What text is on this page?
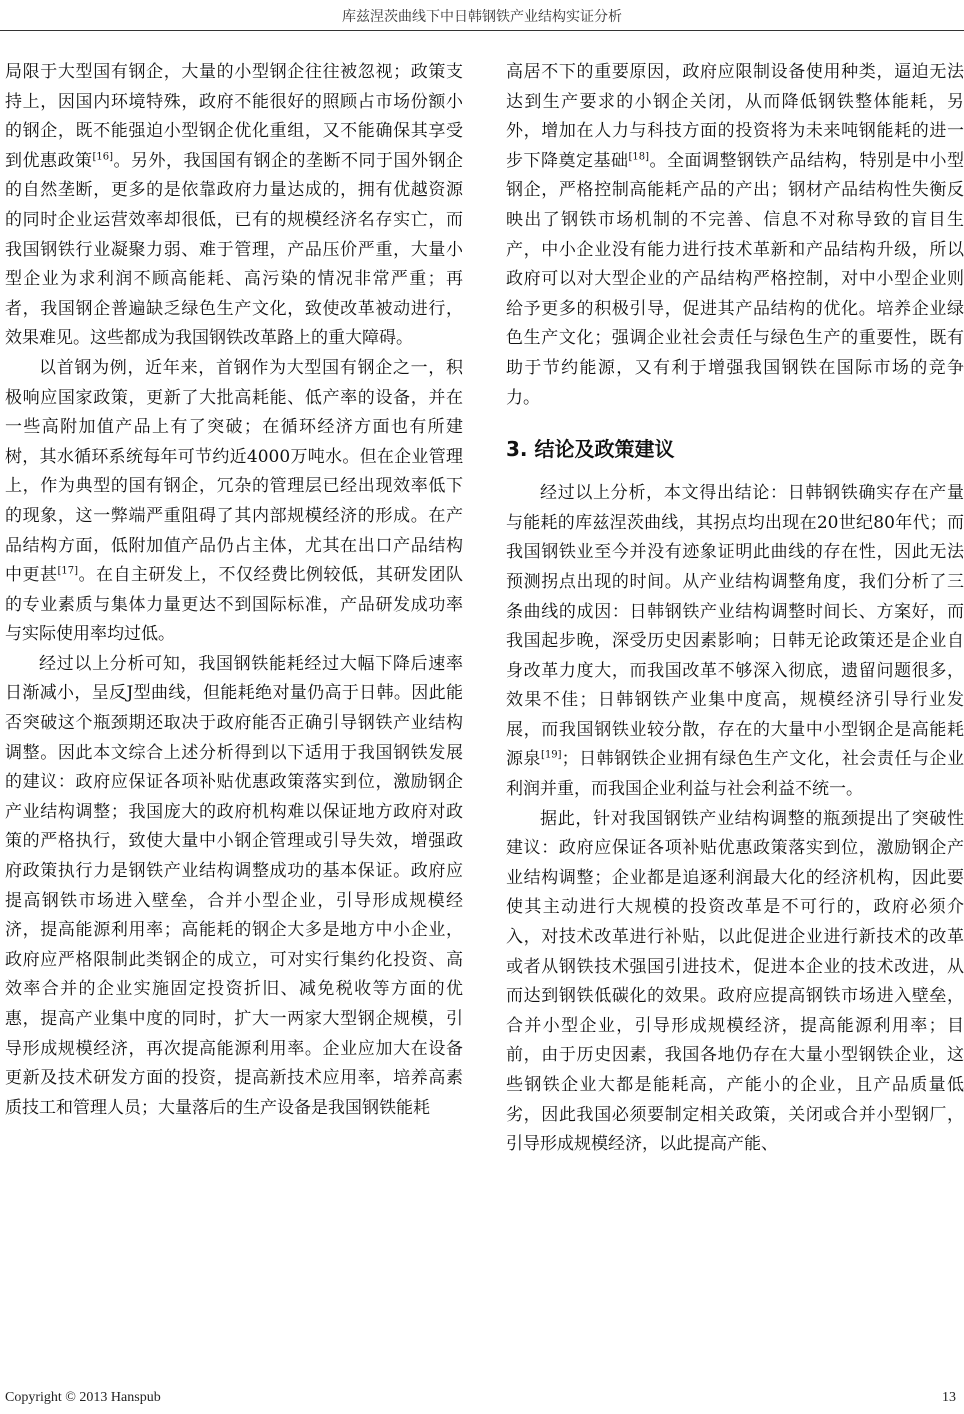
库兹涅茨曲线下中日韩钢铁产业结构实证分析

局限于大型国有钢企，大量的小型钢企往往被忽视；政策支持上，因国内环境特殊，政府不能很好的照顾占市场份额小的钢企，既不能强迫小型钢企优化重组，又不能确保其享受到优惠政策[16]。另外，我国国有钢企的垄断不同于国外钢企的自然垄断，更多的是依靠政府力量达成的，拥有优越资源的同时企业运营效率却很低，已有的规模经济名存实亡，而我国钢铁行业凝聚力弱、难于管理，产品压价严重，大量小型企业为求利润不顾高能耗、高污染的情况非常严重；再者，我国钢企普遍缺乏绿色生产文化，致使改革被动进行，效果难见。这些都成为我国钢铁改革路上的重大障碍。

以首钢为例，近年来，首钢作为大型国有钢企之一，积极响应国家政策，更新了大批高耗能、低产率的设备，并在一些高附加值产品上有了突破；在循环经济方面也有所建树，其水循环系统每年可节约近4000万吨水。但在企业管理上，作为典型的国有钢企，冗杂的管理层已经出现效率低下的现象，这一弊端严重阻碍了其内部规模经济的形成。在产品结构方面，低附加值产品仍占主体，尤其在出口产品结构中更甚[17]。在自主研发上，不仅经费比例较低，其研发团队的专业素质与集体力量更达不到国际标准，产品研发成功率与实际使用率均过低。

经过以上分析可知，我国钢铁能耗经过大幅下降后速率日渐减小，呈反J型曲线，但能耗绝对量仍高于日韩。因此能否突破这个瓶颈期还取决于政府能否正确引导钢铁产业结构调整。因此本文综合上述分析得到以下适用于我国钢铁发展的建议：政府应保证各项补贴优惠政策落实到位，激励钢企产业结构调整；我国庞大的政府机构难以保证地方政府对政策的严格执行，致使大量中小钢企管理或引导失效，增强政府政策执行力是钢铁产业结构调整成功的基本保证。政府应提高钢铁市场进入壁垒，合并小型企业，引导形成规模经济，提高能源利用率；高能耗的钢企大多是地方中小企业，政府应严格限制此类钢企的成立，可对实行集约化投资、高效率合并的企业实施固定投资折旧、减免税收等方面的优惠，提高产业集中度的同时，扩大一两家大型钢企规模，引导形成规模经济，再次提高能源利用率。企业应加大在设备更新及技术研发方面的投资，提高新技术应用率，培养高素质技工和管理人员；大量落后的生产设备是我国钢铁能耗

高居不下的重要原因，政府应限制设备使用种类，逼迫无法达到生产要求的小钢企关闭，从而降低钢铁整体能耗，另外，增加在人力与科技方面的投资将为未来吨钢能耗的进一步下降奠定基础[18]。全面调整钢铁产品结构，特别是中小型钢企，严格控制高能耗产品的产出；钢材产品结构性失衡反映出了钢铁市场机制的不完善、信息不对称导致的盲目生产，中小企业没有能力进行技术革新和产品结构升级，所以政府可以对大型企业的产品结构严格控制，对中小型企业则给予更多的积极引导，促进其产品结构的优化。培养企业绿色生产文化；强调企业社会责任与绿色生产的重要性，既有助于节约能源，又有利于增强我国钢铁在国际市场的竞争力。

3. 结论及政策建议

经过以上分析，本文得出结论：日韩钢铁确实存在产量与能耗的库兹涅茨曲线，其拐点均出现在20世纪80年代；而我国钢铁业至今并没有迹象证明此曲线的存在性，因此无法预测拐点出现的时间。从产业结构调整角度，我们分析了三条曲线的成因：日韩钢铁产业结构调整时间长、方案好，而我国起步晚，深受历史因素影响；日韩无论政策还是企业自身改革力度大，而我国改革不够深入彻底，遗留问题很多，效果不佳；日韩钢铁产业集中度高，规模经济引导行业发展，而我国钢铁业较分散，存在的大量中小型钢企是高能耗源泉[19]；日韩钢铁企业拥有绿色生产文化，社会责任与企业利润并重，而我国企业利益与社会利益不统一。

据此，针对我国钢铁产业结构调整的瓶颈提出了突破性建议：政府应保证各项补贴优惠政策落实到位，激励钢企产业结构调整；企业都是追逐利润最大化的经济机构，因此要使其主动进行大规模的投资改革是不可行的，政府必须介入，对技术改革进行补贴，以此促进企业进行新技术的改革或者从钢铁技术强国引进技术，促进本企业的技术改进，从而达到钢铁低碳化的效果。政府应提高钢铁市场进入壁垒，合并小型企业，引导形成规模经济，提高能源利用率；目前，由于历史因素，我国各地仍存在大量小型钢铁企业，这些钢铁企业大都是能耗高，产能小的企业，且产品质量低劣，因此我国必须要制定相关政策，关闭或合并小型钢厂，引导形成规模经济，以此提高产能、

Copyright © 2013 Hanspub	13
